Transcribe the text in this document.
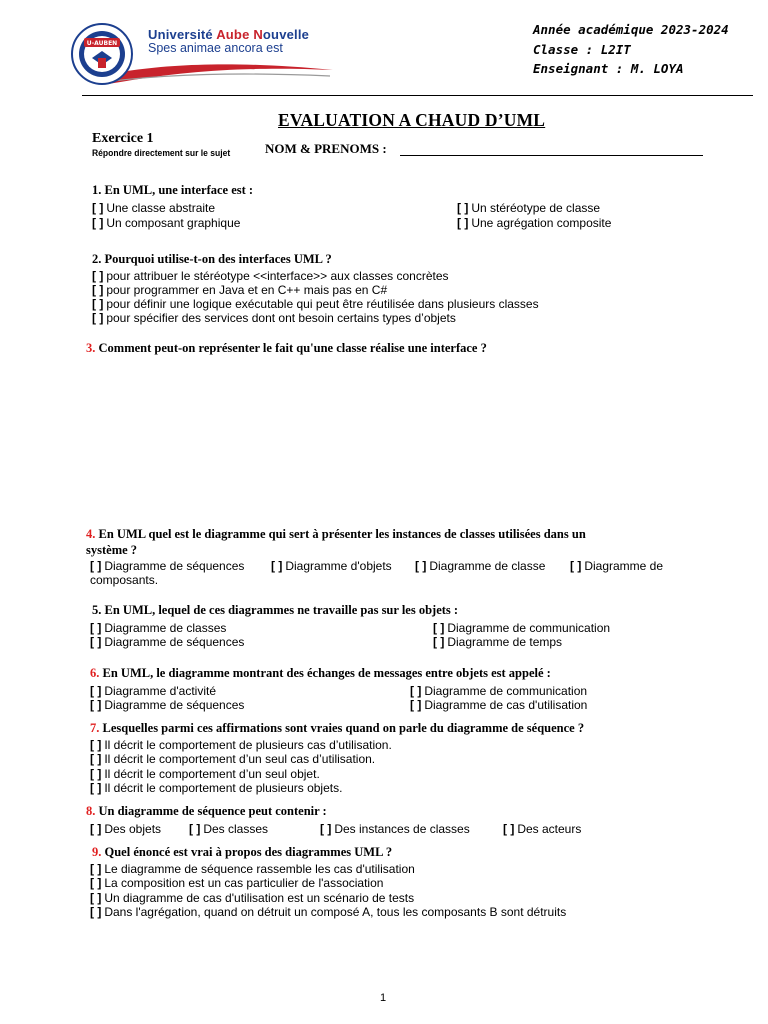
U-AUBEN
Université Aube Nouvelle
Spes animae ancora est
Année académique 2023-2024
Classe : L2IT
Enseignant : M. LOYA
EVALUATION A CHAUD D’UML
Exercice 1
Répondre directement sur le sujet	NOM & PRENOMS :
1. En UML, une interface est :
[ ] Une classe abstraite	[ ] Un stéréotype de classe
[ ] Un composant graphique	[ ] Une agrégation composite
2. Pourquoi utilise-t-on des interfaces UML ?
[ ] pour attribuer le stéréotype <<interface>> aux classes concrètes
[ ] pour programmer en Java et en C++ mais pas en C#
[ ] pour définir une logique exécutable qui peut être réutilisée dans plusieurs classes
[ ] pour spécifier des services dont ont besoin certains types d’objets
3. Comment peut-on représenter le fait qu'une classe réalise une interface ?
4. En UML quel est le diagramme qui sert à présenter les instances de classes utilisées dans un
système ?
[ ] Diagramme de séquences [ ] Diagramme d'objets [ ] Diagramme de classe [ ] Diagramme de
composants.
5. En UML, lequel de ces diagrammes ne travaille pas sur les objets :
[ ] Diagramme de classes	[ ] Diagramme de communication
[ ] Diagramme de séquences	[ ] Diagramme de temps
6. En UML, le diagramme montrant des échanges de messages entre objets est appelé :
[ ] Diagramme d'activité	[ ] Diagramme de communication
[ ] Diagramme de séquences	[ ] Diagramme de cas d'utilisation
7. Lesquelles parmi ces affirmations sont vraies quand on parle du diagramme de séquence ?
[ ] Il décrit le comportement de plusieurs cas d’utilisation.
[ ] Il décrit le comportement d’un seul cas d’utilisation.
[ ] Il décrit le comportement d’un seul objet.
[ ] Il décrit le comportement de plusieurs objets.
8. Un diagramme de séquence peut contenir :
[ ] Des objets [ ] Des classes	[ ] Des instances de classes	[ ] Des acteurs
9. Quel énoncé est vrai à propos des diagrammes UML ?
[ ] Le diagramme de séquence rassemble les cas d'utilisation
[ ] La composition est un cas particulier de l'association
[ ] Un diagramme de cas d'utilisation est un scénario de tests
[ ] Dans l'agrégation, quand on détruit un composé A, tous les composants B sont détruits
1
